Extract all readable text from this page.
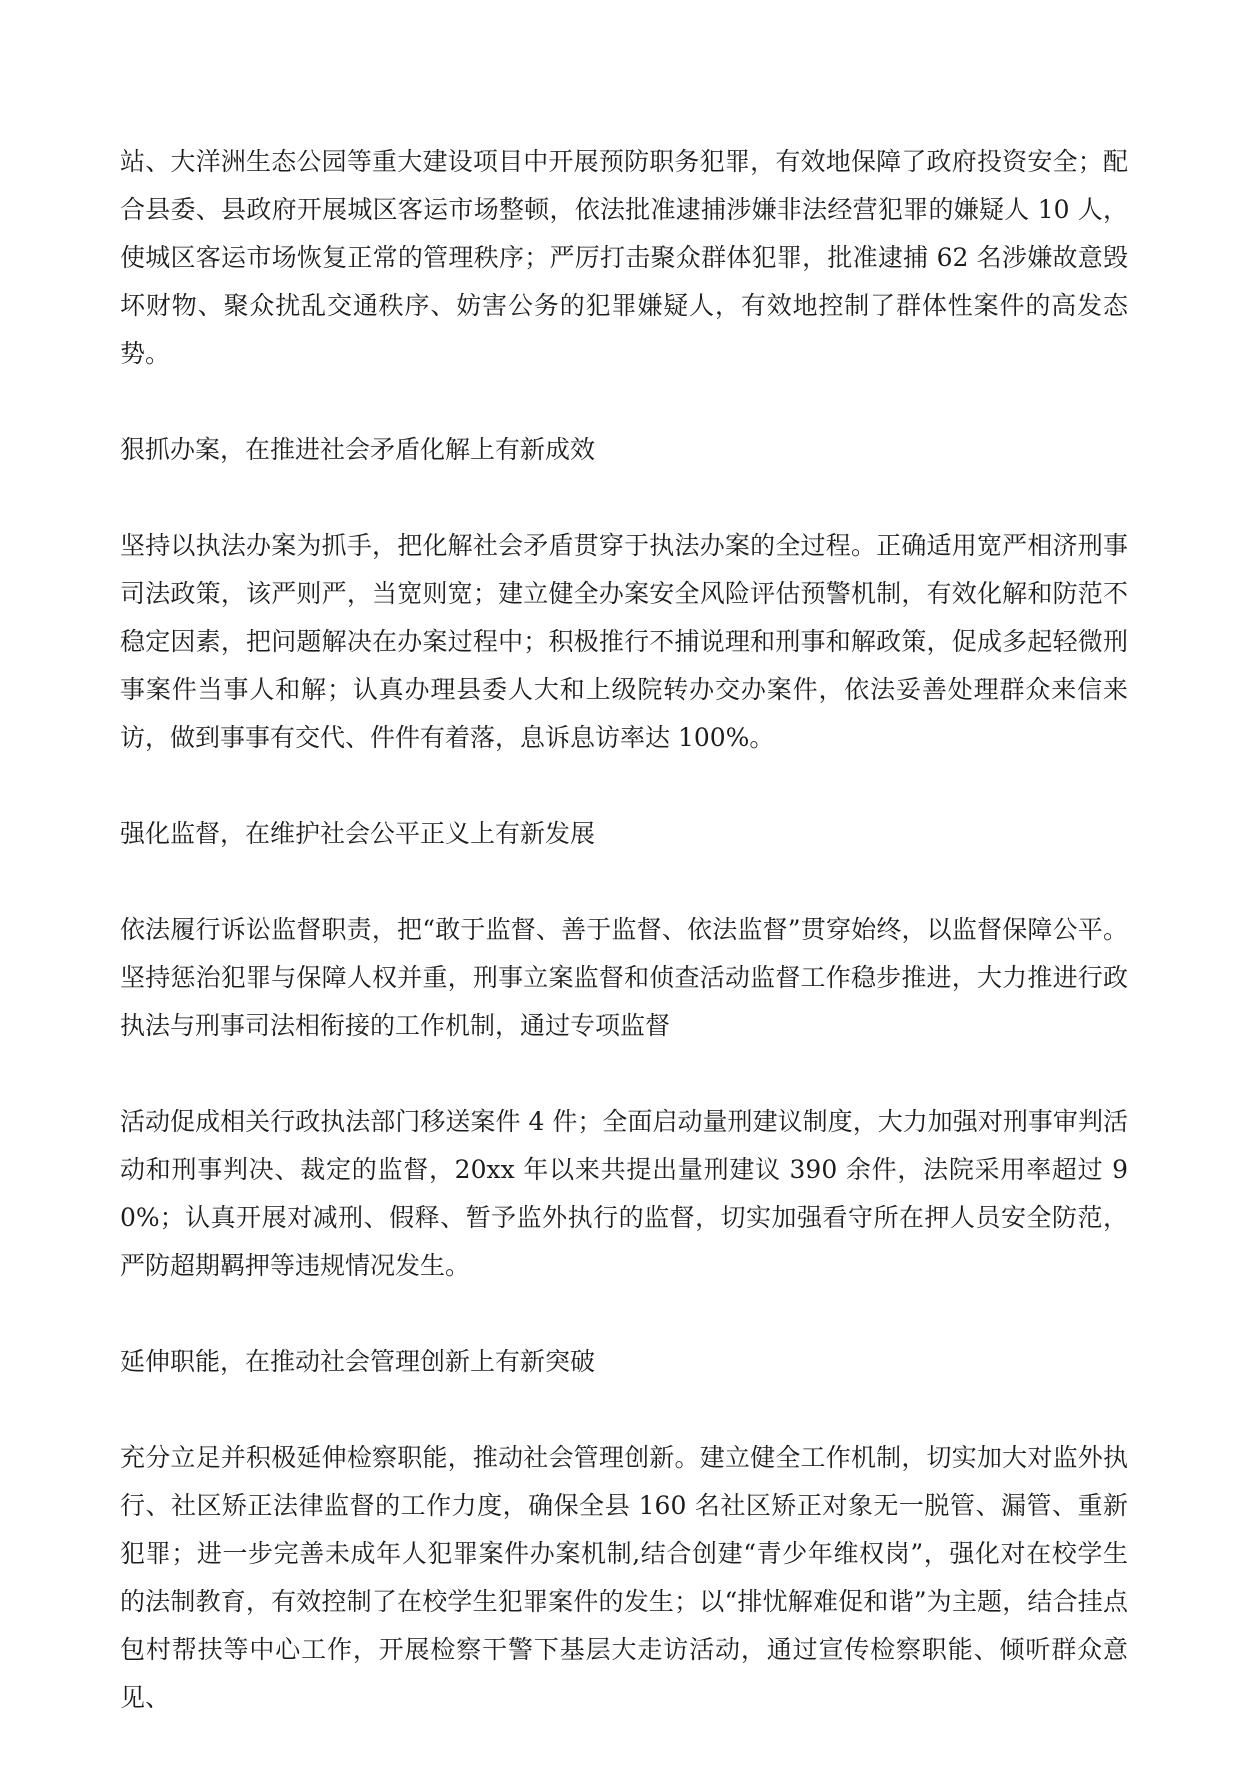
站、大洋洲生态公园等重大建设项目中开展预防职务犯罪，有效地保障了政府投资安全；配合县委、县政府开展城区客运市场整顿，依法批准逮捕涉嫌非法经营犯罪的嫌疑人 10 人，使城区客运市场恢复正常的管理秩序；严厉打击聚众群体犯罪，批准逮捕 62 名涉嫌故意毁坏财物、聚众扰乱交通秩序、妨害公务的犯罪嫌疑人，有效地控制了群体性案件的高发态势。

狠抓办案，在推进社会矛盾化解上有新成效

坚持以执法办案为抓手，把化解社会矛盾贯穿于执法办案的全过程。正确适用宽严相济刑事司法政策，该严则严，当宽则宽；建立健全办案安全风险评估预警机制，有效化解和防范不稳定因素，把问题解决在办案过程中；积极推行不捕说理和刑事和解政策，促成多起轻微刑事案件当事人和解；认真办理县委人大和上级院转办交办案件，依法妥善处理群众来信来访，做到事事有交代、件件有着落，息诉息访率达 100%。

强化监督，在维护社会公平正义上有新发展

依法履行诉讼监督职责，把“敢于监督、善于监督、依法监督”贯穿始终，以监督保障公平。坚持惩治犯罪与保障人权并重，刑事立案监督和侦查活动监督工作稳步推进，大力推进行政执法与刑事司法相衔接的工作机制，通过专项监督

活动促成相关行政执法部门移送案件 4 件；全面启动量刑建议制度，大力加强对刑事审判活动和刑事判决、裁定的监督，20xx 年以来共提出量刑建议 390 余件，法院采用率超过 90%；认真开展对减刑、假释、暂予监外执行的监督，切实加强看守所在押人员安全防范，严防超期羁押等违规情况发生。

延伸职能，在推动社会管理创新上有新突破

充分立足并积极延伸检察职能，推动社会管理创新。建立健全工作机制，切实加大对监外执行、社区矫正法律监督的工作力度，确保全县 160 名社区矫正对象无一脱管、漏管、重新犯罪；进一步完善未成年人犯罪案件办案机制,结合创建“青少年维权岗”，强化对在校学生的法制教育，有效控制了在校学生犯罪案件的发生；以“排忧解难促和谐”为主题，结合挂点包村帮扶等中心工作，开展检察干警下基层大走访活动，通过宣传检察职能、倾听群众意见、
